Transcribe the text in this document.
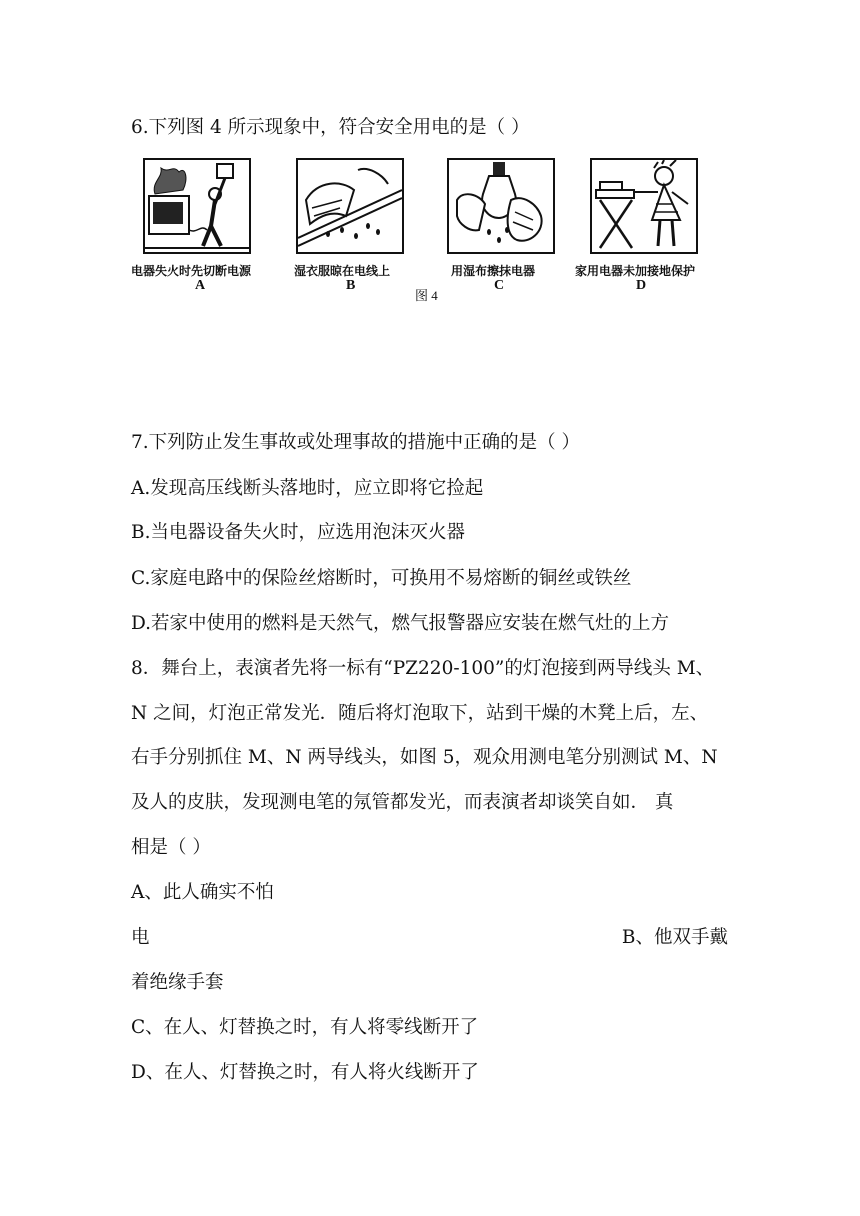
6.下列图 4 所示现象中，符合安全用电的是（ ）
电器失火时先切断电源
A
湿衣服晾在电线上
B
用湿布擦抹电器
C
家用电器未加接地保护
D
图 4
7.下列防止发生事故或处理事故的措施中正确的是（ ）
A.发现高压线断头落地时，应立即将它捡起
B.当电器设备失火时，应选用泡沫灭火器
C.家庭电路中的保险丝熔断时，可换用不易熔断的铜丝或铁丝
D.若家中使用的燃料是天然气，燃气报警器应安装在燃气灶的上方
8．舞台上，表演者先将一标有“PZ220-100”的灯泡接到两导线头 M、
N 之间，灯泡正常发光．随后将灯泡取下，站到干燥的木凳上后，左、
右手分别抓住 M、N 两导线头，如图 5，观众用测电笔分别测试 M、N
及人的皮肤，发现测电笔的氖管都发光，而表演者却谈笑自如． 真
相是（ ）
A、此人确实不怕
电	B、他双手戴
着绝缘手套
C、在人、灯替换之时，有人将零线断开了
D、在人、灯替换之时，有人将火线断开了
